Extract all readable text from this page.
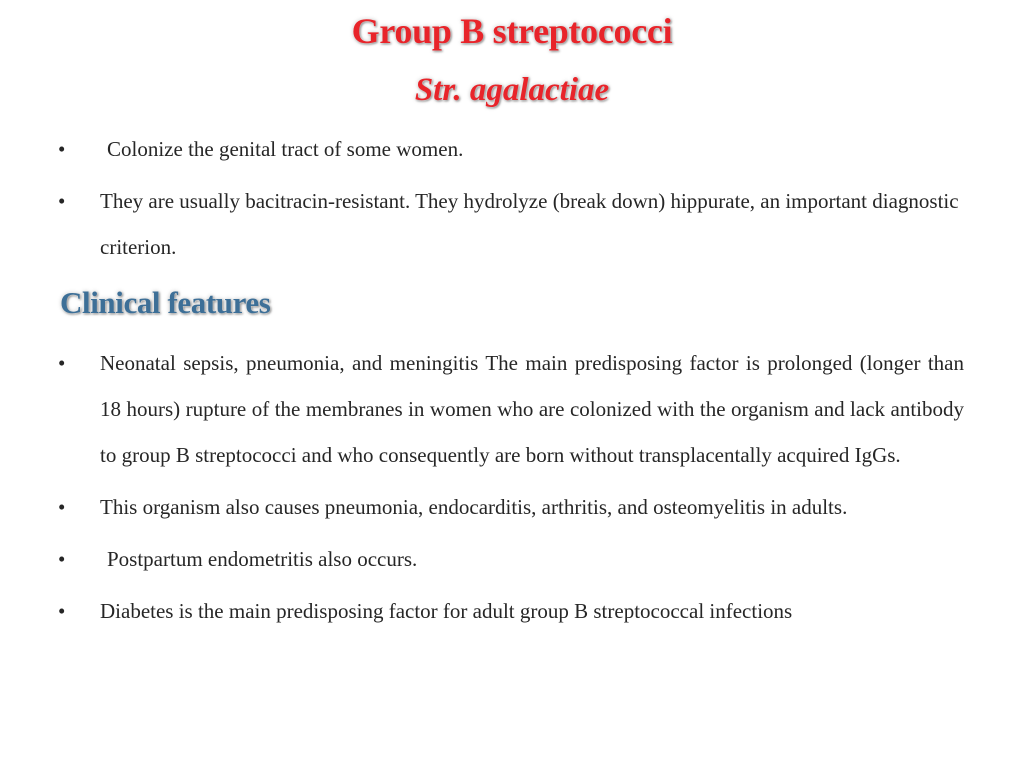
Group B streptococci
Str. agalactiae
• Colonize the genital tract of some women.
• They are usually bacitracin-resistant. They hydrolyze (break down) hippurate, an important diagnostic criterion.
Clinical features
• Neonatal sepsis, pneumonia, and meningitis The main predisposing factor is prolonged (longer than 18 hours) rupture of the membranes in women who are colonized with the organism and lack antibody to group B streptococci and who consequently are born without transplacentally acquired IgGs.
• This organism also causes pneumonia, endocarditis, arthritis, and osteomyelitis in adults.
• Postpartum endometritis also occurs.
• Diabetes is the main predisposing factor for adult group B streptococcal infections
